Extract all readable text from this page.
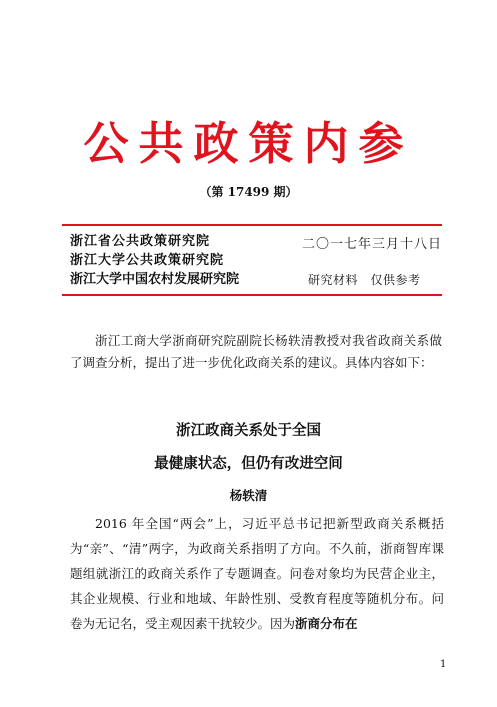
公共政策内参
（第 17499 期）
浙江省公共政策研究院
浙江大学公共政策研究院
浙江大学中国农村发展研究院
二〇一七年三月十八日
研究材料　仅供参考

浙江工商大学浙商研究院副院长杨轶清教授对我省政商关系做了调查分析，提出了进一步优化政商关系的建议。具体内容如下：

浙江政商关系处于全国
最健康状态，但仍有改进空间
杨轶清

2016 年全国“两会”上，习近平总书记把新型政商关系概括为“亲”、“清”两字，为政商关系指明了方向。不久前，浙商智库课题组就浙江的政商关系作了专题调查。问卷对象均为民营企业主，其企业规模、行业和地域、年龄性别、受教育程度等随机分布。问卷为无记名，受主观因素干扰较少。因为浙商分布在

1
